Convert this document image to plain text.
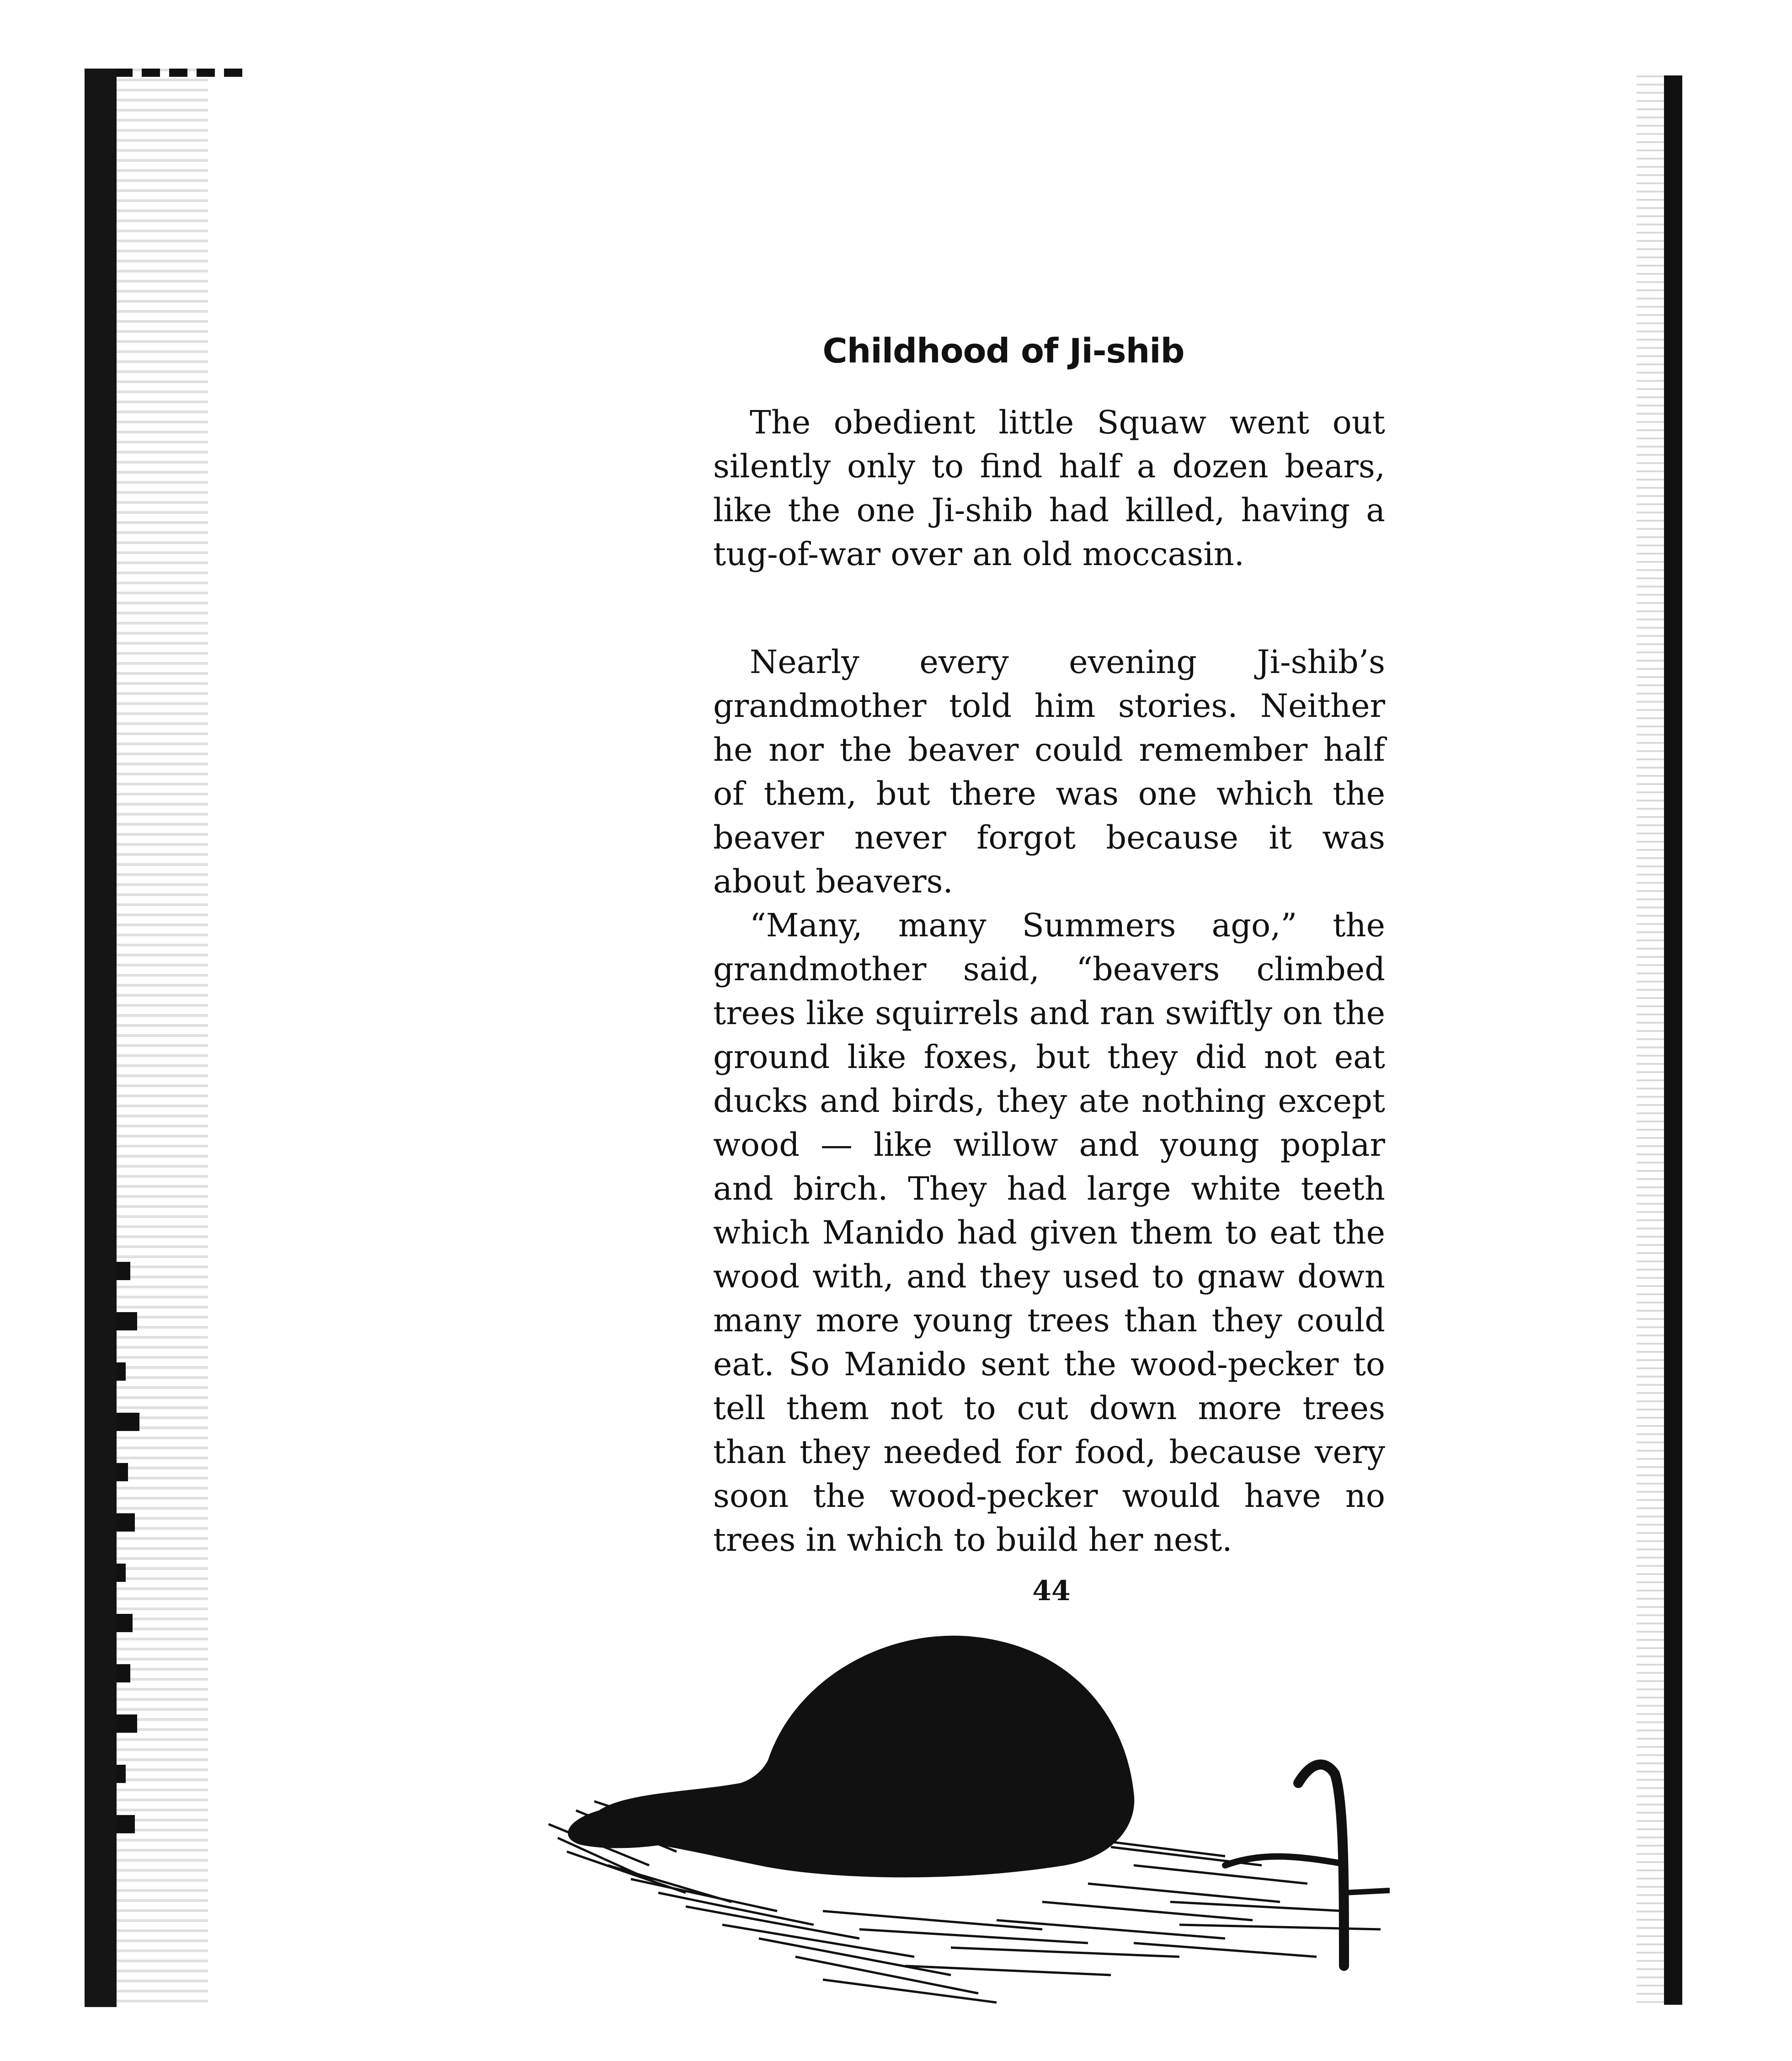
Childhood of Ji-shib

The obedient little Squaw went out silently only to find half a dozen bears, like the one Ji-shib had killed, having a tug-of-war over an old moccasin.

Nearly every evening Ji-shib’s grandmother told him stories. Neither he nor the beaver could remember half of them, but there was one which the beaver never forgot because it was about beavers.

“Many, many Summers ago,” the grandmother said, “beavers climbed trees like squirrels and ran swiftly on the ground like foxes, but they did not eat ducks and birds, they ate nothing except wood — like willow and young poplar and birch. They had large white teeth which Manido had given them to eat the wood with, and they used to gnaw down many more young trees than they could eat. So Manido sent the wood-pecker to tell them not to cut down more trees than they needed for food, because very soon the wood-pecker would have no trees in which to build her nest.

44
